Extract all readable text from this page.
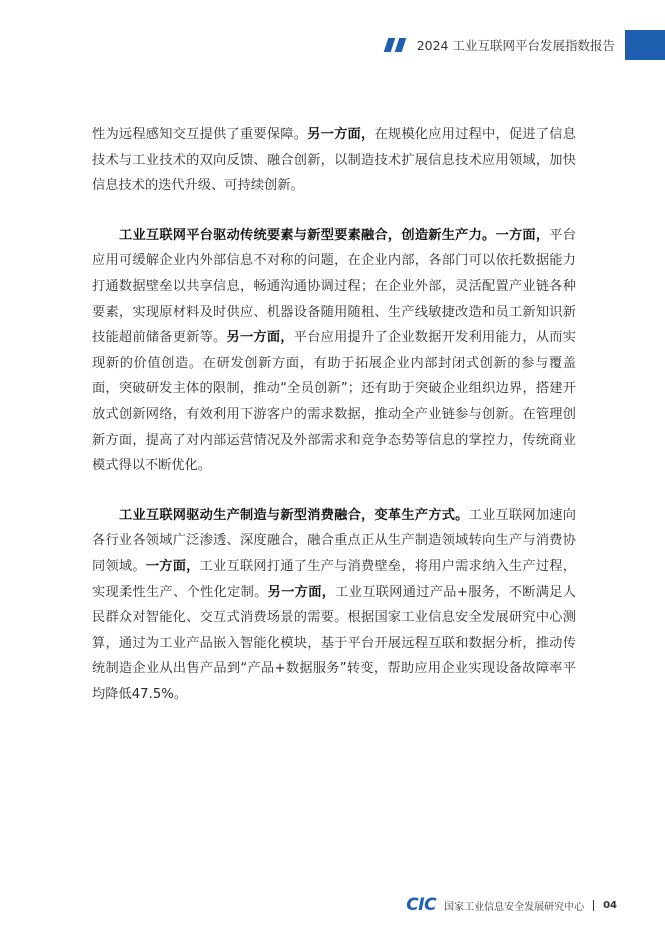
2024 工业互联网平台发展指数报告

性为远程感知交互提供了重要保障。另一方面，在规模化应用过程中，促进了信息技术与工业技术的双向反馈、融合创新，以制造技术扩展信息技术应用领域，加快信息技术的迭代升级、可持续创新。

工业互联网平台驱动传统要素与新型要素融合，创造新生产力。一方面，平台应用可缓解企业内外部信息不对称的问题，在企业内部，各部门可以依托数据能力打通数据壁垒以共享信息，畅通沟通协调过程；在企业外部，灵活配置产业链各种要素，实现原材料及时供应、机器设备随用随租、生产线敏捷改造和员工新知识新技能超前储备更新等。另一方面，平台应用提升了企业数据开发利用能力，从而实现新的价值创造。在研发创新方面，有助于拓展企业内部封闭式创新的参与覆盖面，突破研发主体的限制，推动“全员创新”；还有助于突破企业组织边界，搭建开放式创新网络，有效利用下游客户的需求数据，推动全产业链参与创新。在管理创新方面，提高了对内部运营情况及外部需求和竞争态势等信息的掌控力，传统商业模式得以不断优化。

工业互联网驱动生产制造与新型消费融合，变革生产方式。工业互联网加速向各行业各领域广泛渗透、深度融合，融合重点正从生产制造领域转向生产与消费协同领域。一方面，工业互联网打通了生产与消费壁垒，将用户需求纳入生产过程，实现柔性生产、个性化定制。另一方面，工业互联网通过产品+服务，不断满足人民群众对智能化、交互式消费场景的需要。根据国家工业信息安全发展研究中心测算，通过为工业产品嵌入智能化模块，基于平台开展远程互联和数据分析，推动传统制造企业从出售产品到“产品+数据服务”转变，帮助应用企业实现设备故障率平均降低47.5%。

CIC 国家工业信息安全发展研究中心 04
